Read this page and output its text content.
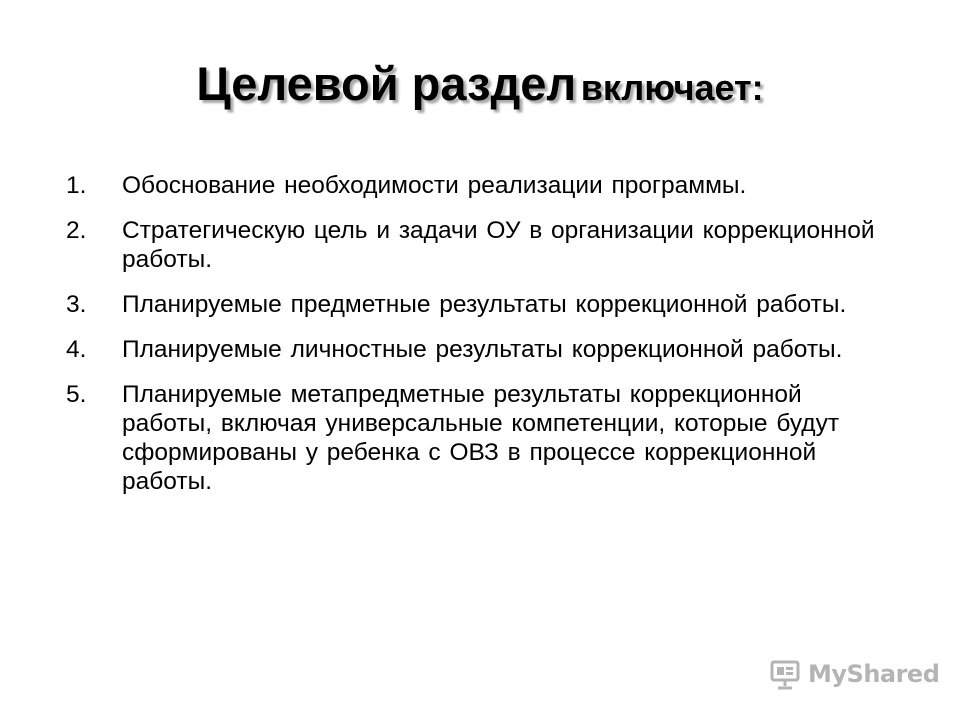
Целевой раздел включает:
1.	Обоснование необходимости реализации программы.
2.	Стратегическую цель и задачи ОУ в организации коррекционной работы.
3.	Планируемые предметные результаты коррекционной работы.
4.	Планируемые личностные результаты коррекционной работы.
5.	Планируемые метапредметные результаты коррекционной работы, включая универсальные компетенции, которые будут сформированы у ребенка с ОВЗ в процессе коррекционной работы.
MyShared
